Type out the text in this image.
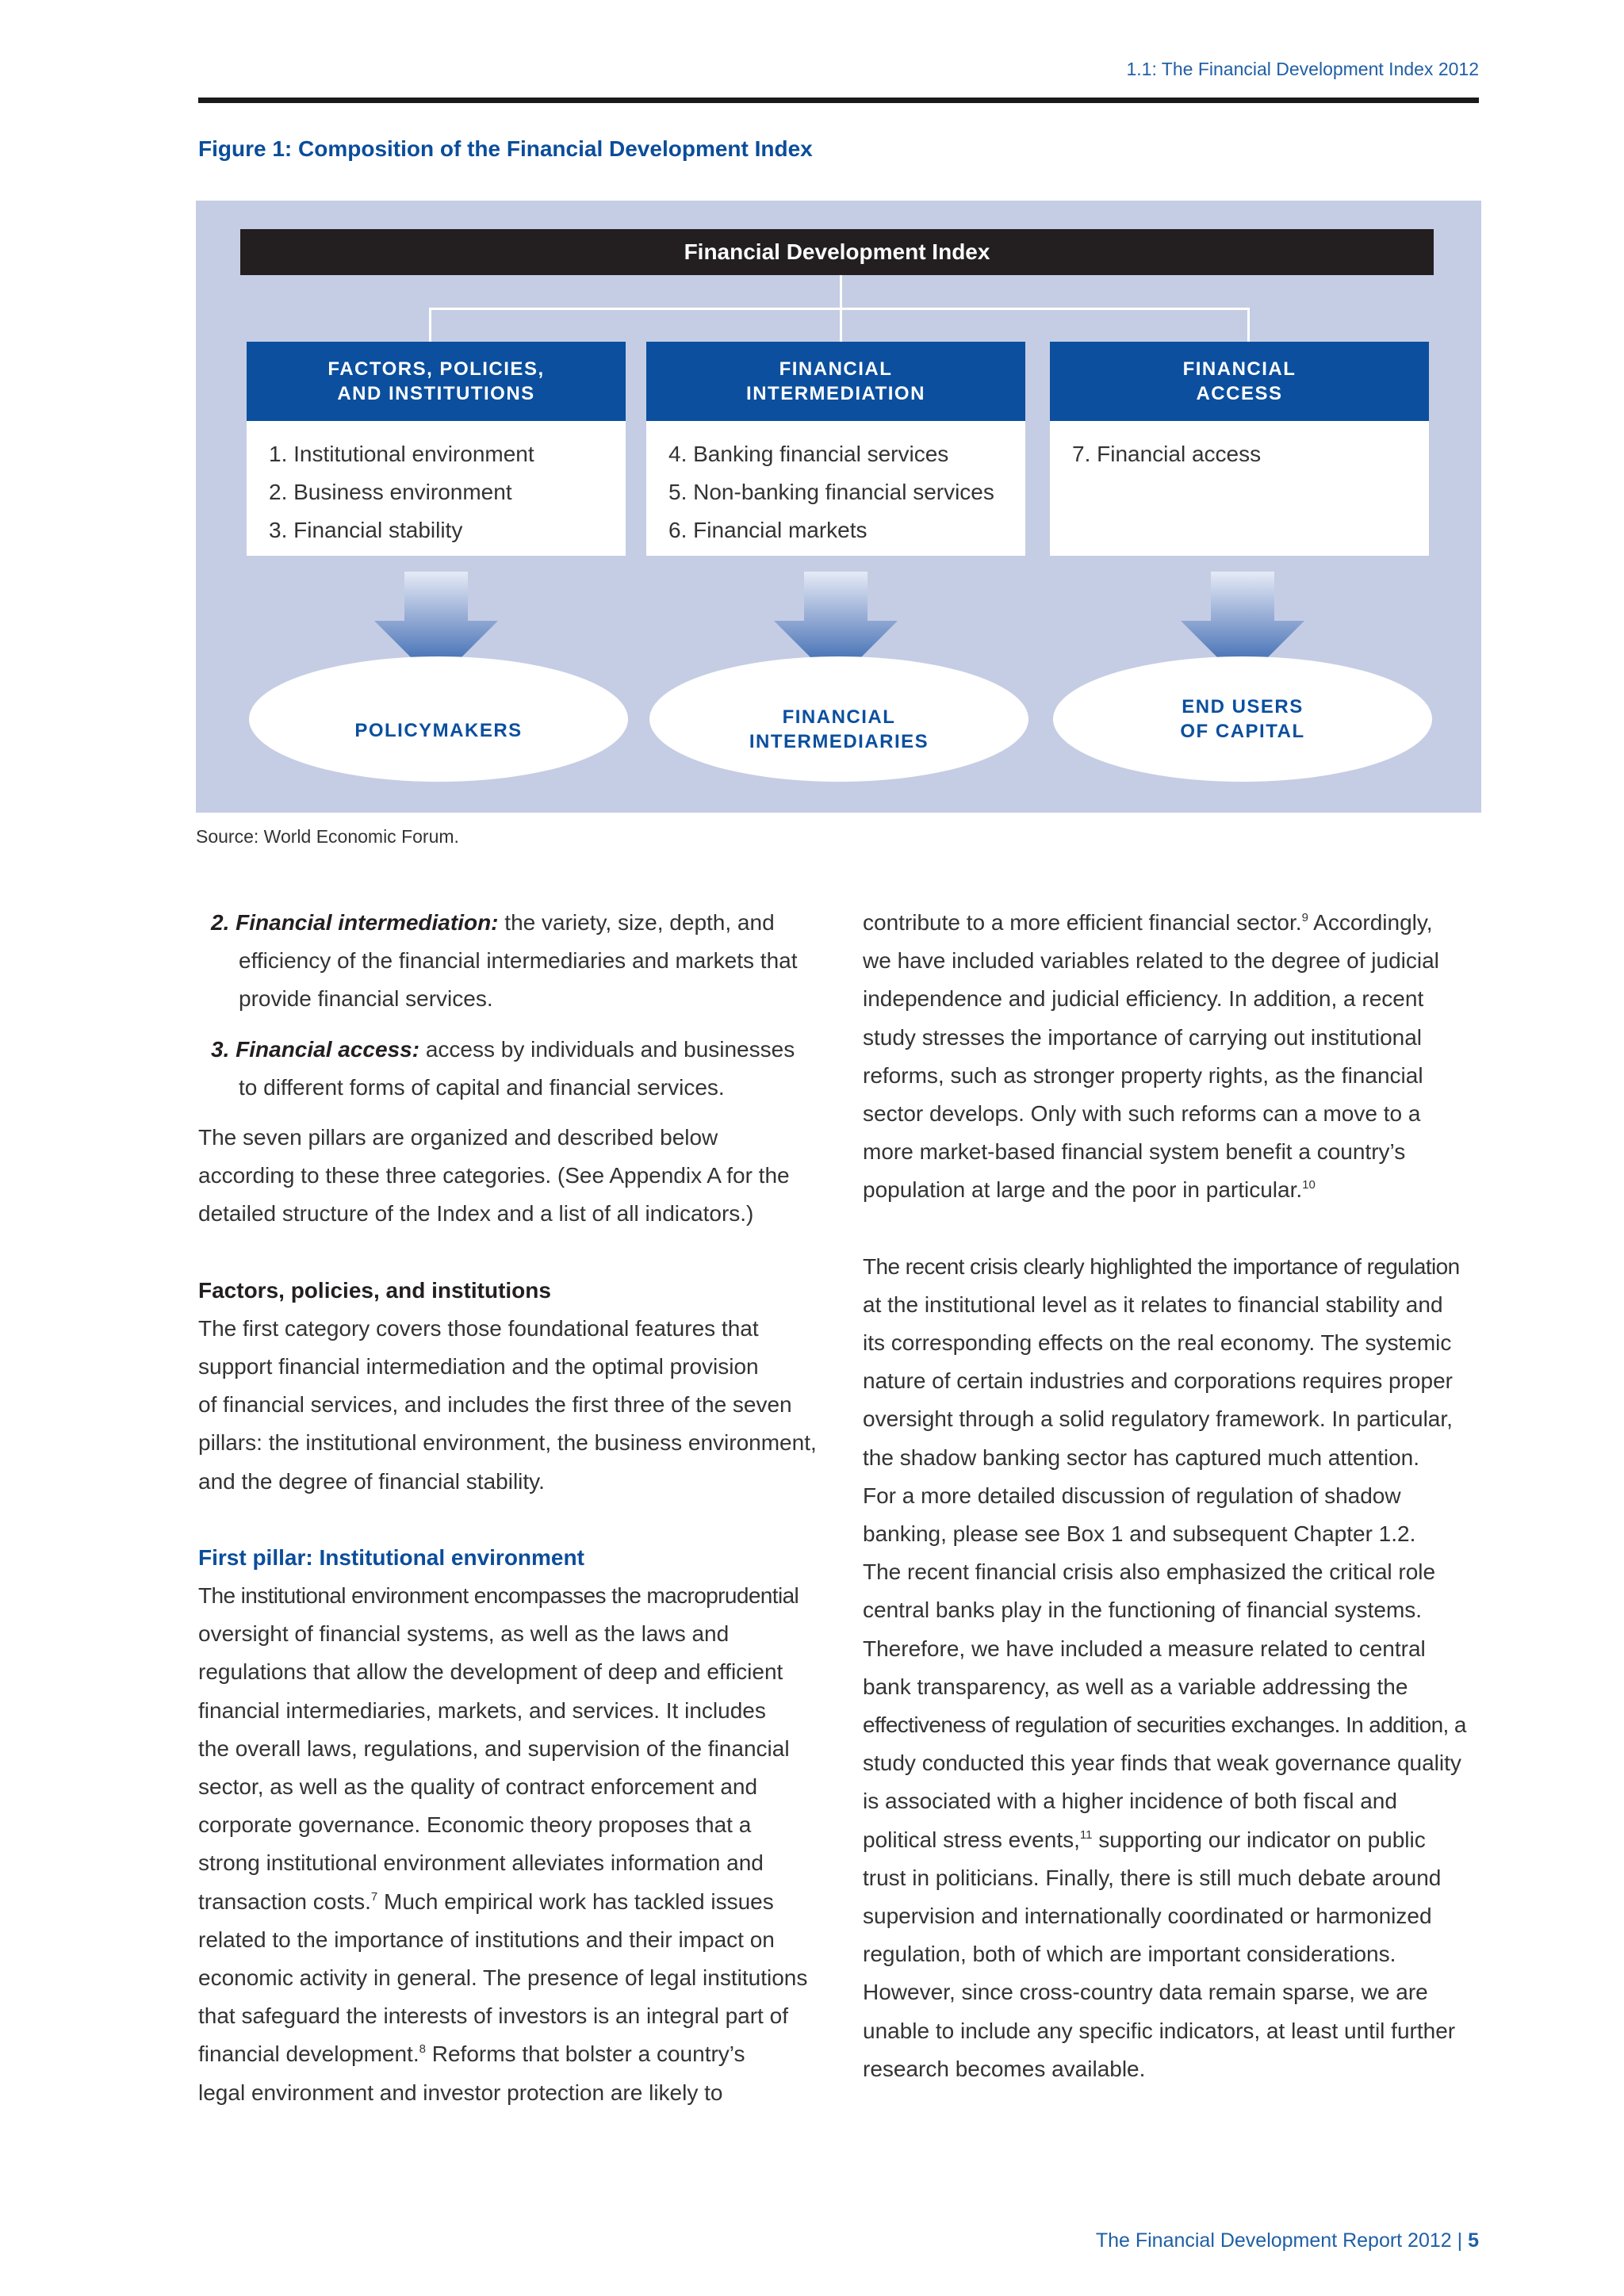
1.1: The Financial Development Index 2012
Figure 1: Composition of the Financial Development Index
Financial Development Index
FACTORS, POLICIES,
AND INSTITUTIONS
1. Institutional environment
2. Business environment
3. Financial stability
FINANCIAL
INTERMEDIATION
4. Banking financial services
5. Non-banking financial services
6. Financial markets
FINANCIAL
ACCESS
7. Financial access
POLICYMAKERS
FINANCIAL
INTERMEDIARIES
END USERS
OF CAPITAL
Source: World Economic Forum.

2. Financial intermediation: the variety, size, depth, and
efficiency of the financial intermediaries and markets that
provide financial services.

3. Financial access: access by individuals and businesses
to different forms of capital and financial services.

The seven pillars are organized and described below
according to these three categories. (See Appendix A for the
detailed structure of the Index and a list of all indicators.)

Factors, policies, and institutions

The first category covers those foundational features that
support financial intermediation and the optimal provision
of financial services, and includes the first three of the seven
pillars: the institutional environment, the business environment,
and the degree of financial stability.

First pillar: Institutional environment

The institutional environment encompasses the macroprudential
oversight of financial systems, as well as the laws and
regulations that allow the development of deep and efficient
financial intermediaries, markets, and services. It includes
the overall laws, regulations, and supervision of the financial
sector, as well as the quality of contract enforcement and
corporate governance. Economic theory proposes that a
strong institutional environment alleviates information and
transaction costs.$^7$ Much empirical work has tackled issues
related to the importance of institutions and their impact on
economic activity in general. The presence of legal institutions
that safeguard the interests of investors is an integral part of
financial development.$^8$ Reforms that bolster a country’s
legal environment and investor protection are likely to

contribute to a more efficient financial sector.$^9$ Accordingly,
we have included variables related to the degree of judicial
independence and judicial efficiency. In addition, a recent
study stresses the importance of carrying out institutional
reforms, such as stronger property rights, as the financial
sector develops. Only with such reforms can a move to a
more market-based financial system benefit a country’s
population at large and the poor in particular.$^{10}$

The recent crisis clearly highlighted the importance of regulation
at the institutional level as it relates to financial stability and
its corresponding effects on the real economy. The systemic
nature of certain industries and corporations requires proper
oversight through a solid regulatory framework. In particular,
the shadow banking sector has captured much attention.
For a more detailed discussion of regulation of shadow
banking, please see Box 1 and subsequent Chapter 1.2.
The recent financial crisis also emphasized the critical role
central banks play in the functioning of financial systems.
Therefore, we have included a measure related to central
bank transparency, as well as a variable addressing the
effectiveness of regulation of securities exchanges. In addition, a
study conducted this year finds that weak governance quality
is associated with a higher incidence of both fiscal and
political stress events,$^{11}$ supporting our indicator on public
trust in politicians. Finally, there is still much debate around
supervision and internationally coordinated or harmonized
regulation, both of which are important considerations.
However, since cross-country data remain sparse, we are
unable to include any specific indicators, at least until further
research becomes available.

The Financial Development Report 2012 | 5
